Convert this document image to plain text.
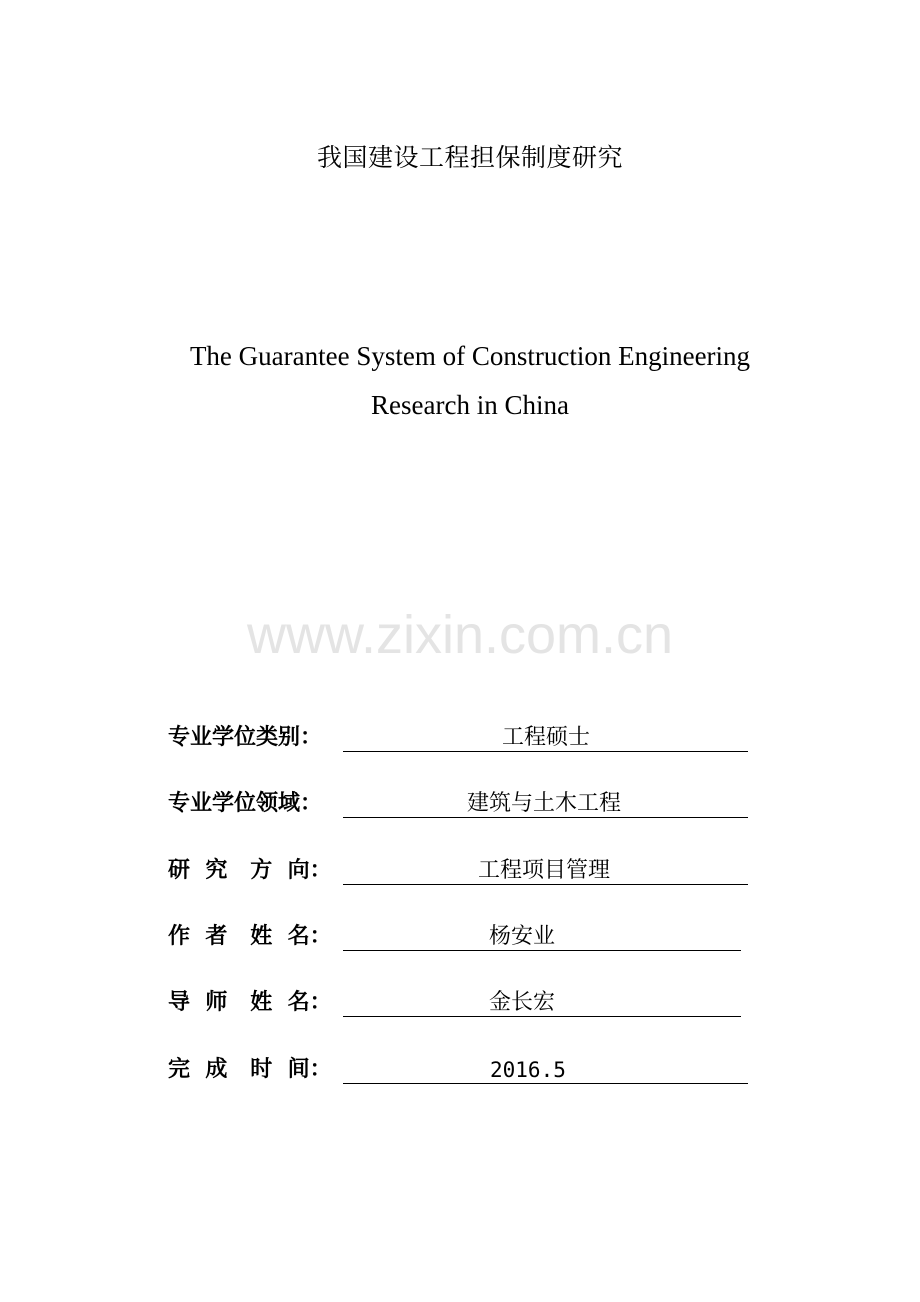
我国建设工程担保制度研究
The Guarantee System of Construction Engineering
Research in China
www.zixin.com.cn
专业学位类别：	工程硕士
专业学位领域：	建筑与土木工程
研  究   方  向：	工程项目管理
作  者   姓  名：	杨安业
导  师   姓  名：	金长宏
完  成   时  间：	2016.5
